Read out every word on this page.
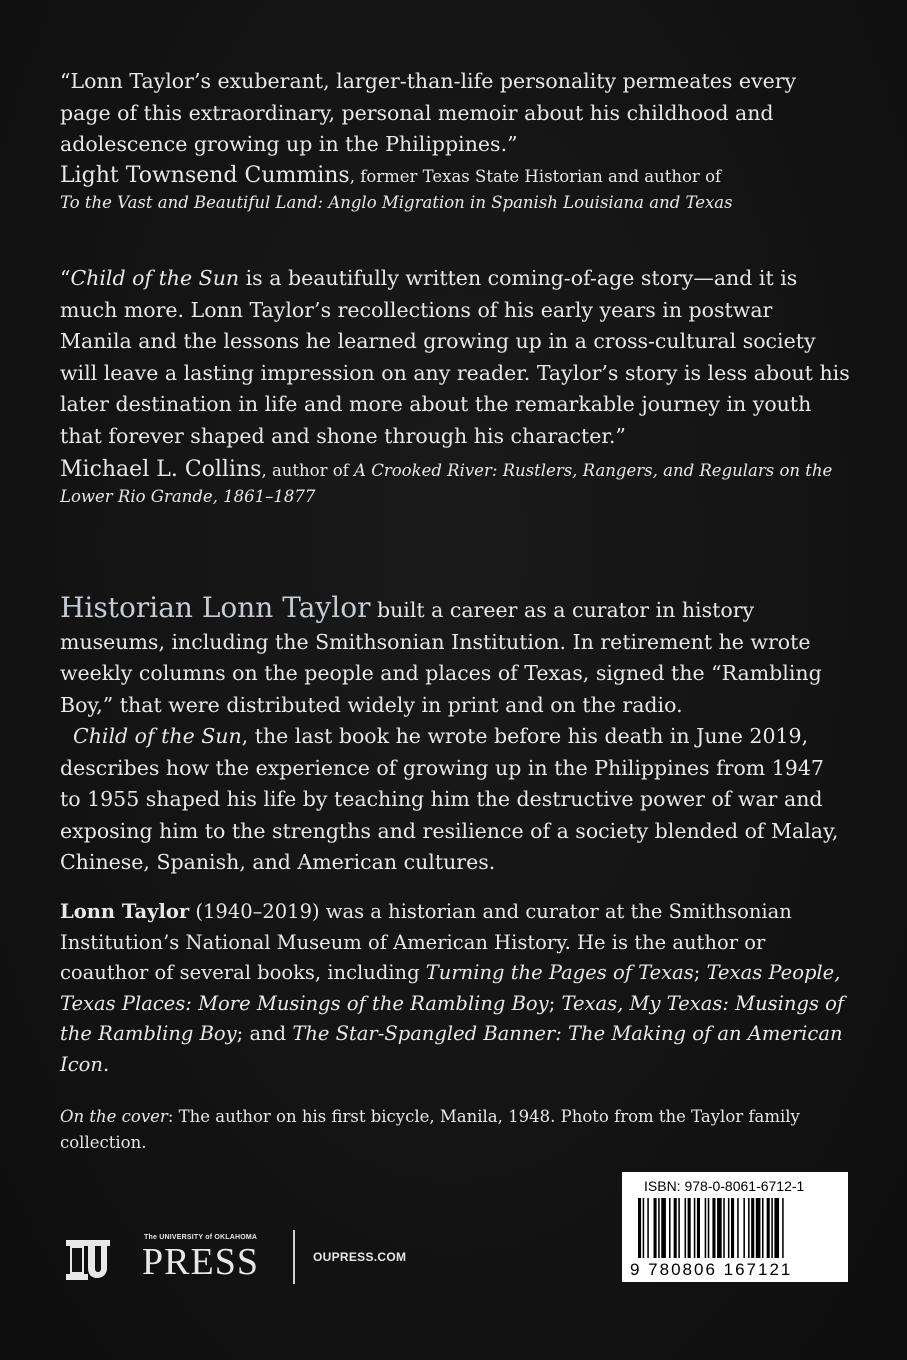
“Lonn Taylor’s exuberant, larger-than-life personality permeates every page of this extraordinary, personal memoir about his childhood and adolescence growing up in the Philippines.”

Light Townsend Cummins, former Texas State Historian and author of
To the Vast and Beautiful Land: Anglo Migration in Spanish Louisiana and Texas

“Child of the Sun is a beautifully written coming-of-age story—and it is much more. Lonn Taylor’s recollections of his early years in postwar Manila and the lessons he learned growing up in a cross-cultural society will leave a lasting impression on any reader. Taylor’s story is less about his later destination in life and more about the remarkable journey in youth that forever shaped and shone through his character.”

Michael L. Collins, author of A Crooked River: Rustlers, Rangers, and Regulars on the Lower Rio Grande, 1861–1877

Historian Lonn Taylor built a career as a curator in history museums, including the Smithsonian Institution. In retirement he wrote weekly columns on the people and places of Texas, signed the “Rambling Boy,” that were distributed widely in print and on the radio.

Child of the Sun, the last book he wrote before his death in June 2019, describes how the experience of growing up in the Philippines from 1947 to 1955 shaped his life by teaching him the destructive power of war and exposing him to the strengths and resilience of a society blended of Malay, Chinese, Spanish, and American cultures.

Lonn Taylor (1940–2019) was a historian and curator at the Smithsonian Institution’s National Museum of American History. He is the author or coauthor of several books, including Turning the Pages of Texas; Texas People, Texas Places: More Musings of the Rambling Boy; Texas, My Texas: Musings of the Rambling Boy; and The Star-Spangled Banner: The Making of an American Icon.

On the cover: The author on his first bicycle, Manila, 1948. Photo from the Taylor family collection.

The UNIVERSITY of OKLAHOMA
PRESS	OUPRESS.COM
ISBN: 978-0-8061-6712-1
9 780806 167121
